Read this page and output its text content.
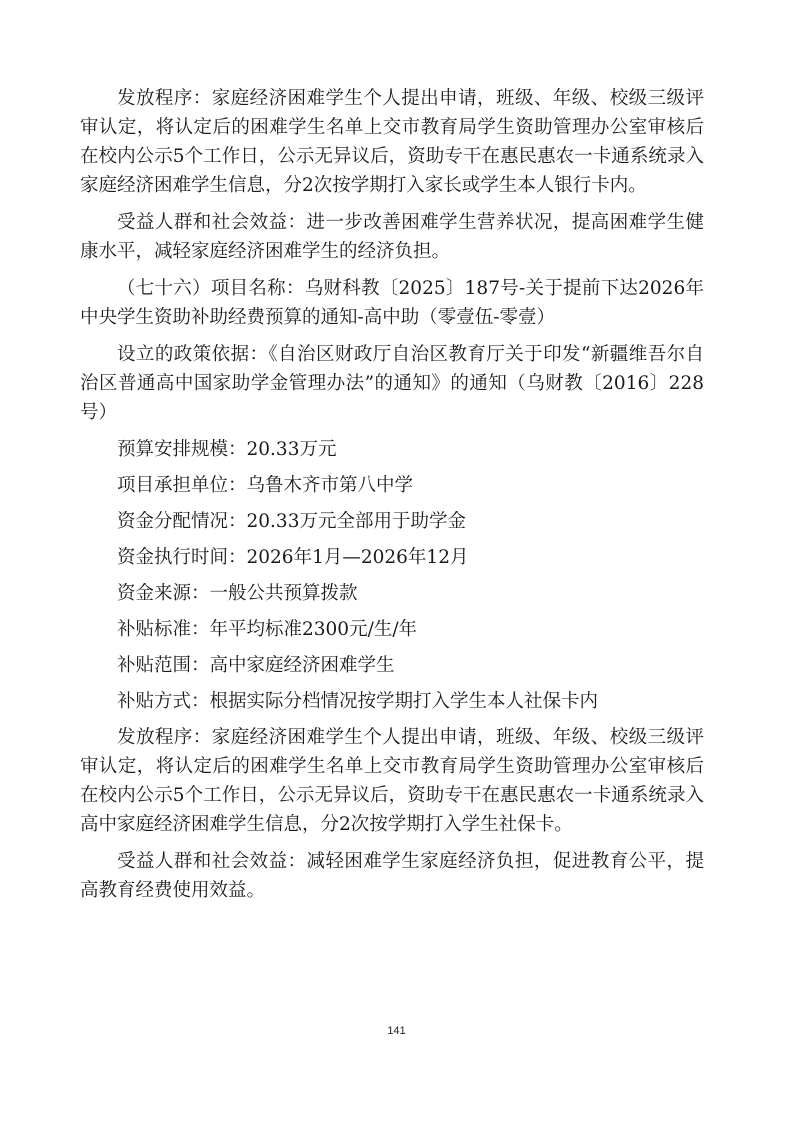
发放程序：家庭经济困难学生个人提出申请，班级、年级、校级三级评审认定，将认定后的困难学生名单上交市教育局学生资助管理办公室审核后在校内公示5个工作日，公示无异议后，资助专干在惠民惠农一卡通系统录入家庭经济困难学生信息，分2次按学期打入家长或学生本人银行卡内。

受益人群和社会效益：进一步改善困难学生营养状况，提高困难学生健康水平，减轻家庭经济困难学生的经济负担。

（七十六）项目名称：乌财科教〔2025〕187号-关于提前下达2026年中央学生资助补助经费预算的通知-高中助（零壹伍-零壹）

设立的政策依据：《自治区财政厅自治区教育厅关于印发“新疆维吾尔自治区普通高中国家助学金管理办法”的通知》的通知（乌财教〔2016〕228号）

预算安排规模：20.33万元

项目承担单位：乌鲁木齐市第八中学

资金分配情况：20.33万元全部用于助学金

资金执行时间：2026年1月—2026年12月

资金来源：一般公共预算拨款

补贴标准：年平均标准2300元/生/年

补贴范围：高中家庭经济困难学生

补贴方式：根据实际分档情况按学期打入学生本人社保卡内

发放程序：家庭经济困难学生个人提出申请，班级、年级、校级三级评审认定，将认定后的困难学生名单上交市教育局学生资助管理办公室审核后在校内公示5个工作日，公示无异议后，资助专干在惠民惠农一卡通系统录入高中家庭经济困难学生信息，分2次按学期打入学生社保卡。

受益人群和社会效益：减轻困难学生家庭经济负担，促进教育公平，提高教育经费使用效益。

141
